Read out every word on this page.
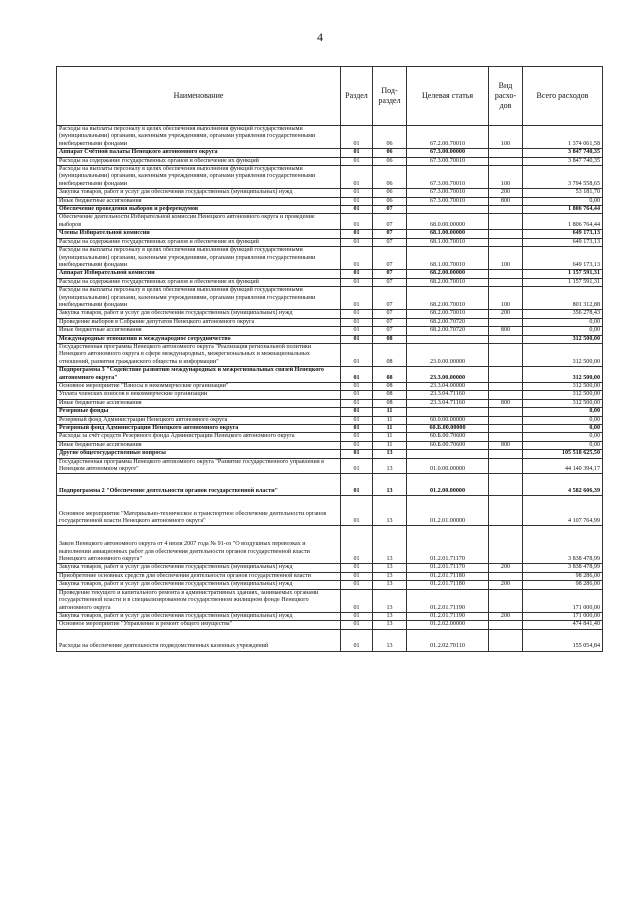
4
Наименование	Раздел	Под-раздел	Целевая статья	Вид расхо-дов	Всего расходов
Расходы на выплаты персоналу в целях обеспечения выполнения функций государственными (муниципальными) органами, казенными учреждениями, органами управления государственными внебюджетными фондами	01	06	67.2.00.70010	100	1 374 061,58
Аппарат Счётной палаты Ненецкого автономного округа	01	06	67.3.00.00000		3 847 740,35
Расходы на содержание государственных органов и обеспечение их функций	01	06	67.3.00.70010		3 847 740,35
Расходы на выплаты персоналу в целях обеспечения выполнения функций государственными (муниципальными) органами, казенными учреждениями, органами управления государственными внебюджетными фондами	01	06	67.3.00.70010	100	3 794 558,65
Закупка товаров, работ и услуг для обеспечения государственных (муниципальных) нужд	01	06	67.3.00.70010	200	53 181,70
Иные бюджетные ассигнования	01	06	67.3.00.70010	800	0,00
Обеспечение проведения выборов и референдумов	01	07			1 806 764,44
Обеспечение деятельности Избирательной комиссии Ненецкого автономного округа и проведение выборов	01	07	68.0.00.00000		1 806 764,44
Члены Избирательной комиссии	01	07	68.1.00.00000		649 173,13
Расходы на содержание государственных органов и обеспечение их функций	01	07	68.1.00.70010		649 173,13
Расходы на выплаты персоналу в целях обеспечения выполнения функций государственными (муниципальными) органами, казенными учреждениями, органами управления государственными внебюджетными фондами	01	07	68.1.00.70010	100	649 173,13
Аппарат Избирательной комиссии	01	07	68.2.00.00000		1 157 591,31
Расходы на содержание государственных органов и обеспечение их функций	01	07	68.2.00.70010		1 157 591,31
Расходы на выплаты персоналу в целях обеспечения выполнения функций государственными (муниципальными) органами, казенными учреждениями, органами управления государственными внебюджетными фондами	01	07	68.2.00.70010	100	801 312,88
Закупка товаров, работ и услуг для обеспечения государственных (муниципальных) нужд	01	07	68.2.00.70010	200	356 278,43
Проведение выборов в Собрание депутатов Ненецкого автономного округа	01	07	68.2.00.70720		0,00
Иные бюджетные ассигнования	01	07	68.2.00.70720	800	0,00
Международные отношения и международное сотрудничество	01	08			312 500,00
Государственная программа Ненецкого автономного округа "Реализация региональной политики Ненецкого автономного округа в сфере международных, межрегиональных и межнациональных отношений, развития гражданского общества и информации"	01	08	23.0.00.00000		312 500,00
Подпрограмма 3 "Содействие развитию международных и межрегиональных связей Ненецкого автономного округа"	01	08	23.3.00.00000		312 500,00
Основное мероприятие "Взносы в некоммерческие организации"	01	08	23.3.04.00000		312 500,00
Уплата членских взносов в некоммерческие организации	01	08	23.3.04.71160		312 500,00
Иные бюджетные ассигнования	01	08	23.3.04.71160	800	312 500,00
Резервные фонды	01	11			0,00
Резервный фонд Администрации Ненецкого автономного округа	01	11	60.0.00.00000		0,00
Резервный фонд Администрации Ненецкого автономного округа	01	11	60.Б.00.00000		0,00
Расходы за счёт средств Резервного фонда Администрации Ненецкого автономного округа	01	11	60.Б.00.70600		0,00
Иные бюджетные ассигнования	01	11	60.Б.00.70600	800	0,00
Другие общегосударственные вопросы	01	13			105 518 625,50
Государственная программа Ненецкого автономного округа "Развитие государственного управления в Ненецком автономном округе"	01	13	01.0.00.00000		44 140 394,17
Подпрограмма 2 "Обеспечение деятельности органов государственной власти"	01	13	01.2.00.00000		4 582 606,39
Основное мероприятие "Материально-техническое и транспортное обеспечение деятельности органов государственной власти Ненецкого автономного округа"	01	13	01.2.01.00000		4 107 764,99
Закон Ненецкого автономного округа от 4 июля 2007 года № 91-оз "О воздушных перевозках и выполнении авиационных работ для обеспечения деятельности органов государственной власти Ненецкого автономного округа"	01	13	01.2.01.71170		3 838 478,99
Закупка товаров, работ и услуг для обеспечения государственных (муниципальных) нужд	01	13	01.2.01.71170	200	3 838 478,99
Приобретение основных средств для обеспечения деятельности органов государственной власти	01	13	01.2.01.71180		98 286,00
Закупка товаров, работ и услуг для обеспечения государственных (муниципальных) нужд	01	13	01.2.01.71180	200	98 286,00
Проведение текущего и капитального ремонта в административных зданиях, занимаемых органами государственной власти и в специализированном государственном жилищном фонде Ненецкого автономного округа	01	13	01.2.01.71190		171 000,00
Закупка товаров, работ и услуг для обеспечения государственных (муниципальных) нужд	01	13	01.2.01.71190	200	171 000,00
Основное мероприятие "Управление и ремонт общего имущества"	01	13	01.2.02.00000		474 841,40
Расходы на обеспечение деятельности подведомственных казенных учреждений	01	13	01.2.02.70110		155 054,84
